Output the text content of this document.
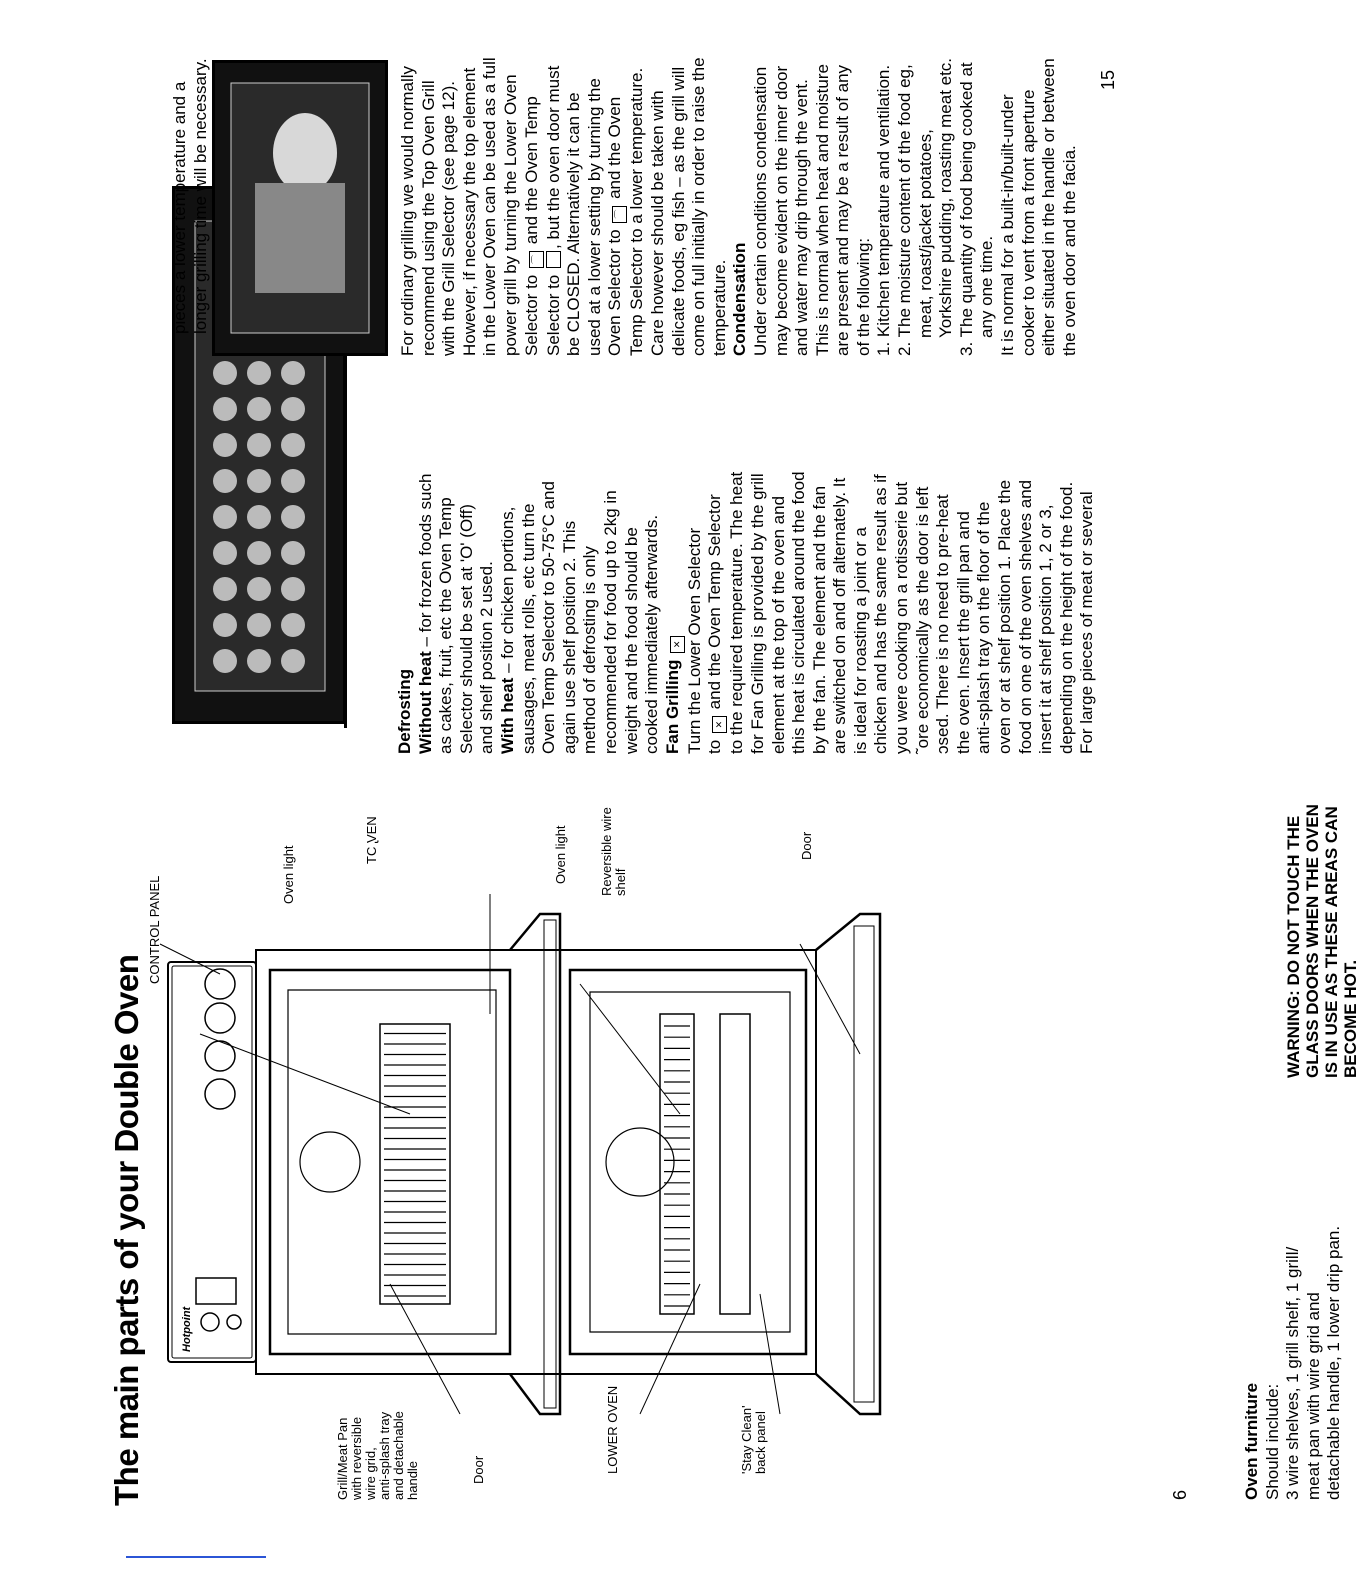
The main parts of your Double Oven	Hotpoint
CONTROL PANEL
Oven light
TC ̢VEN
Grill/Meat Pan with reversible wire grid, anti-splash tray and detachable handle	Door
Oven light Reversible wire shelf
LOWER OVEN	'Stay Clean' back panel
Door

Oven furniture Should include: 3 wire shelves, 1 grill shelf, 1 grill/ meat pan with wire grid and detachable handle, 1 lower drip pan.

WARNING: DO NOT TOUCH THE GLASS DOORS WHEN THE OVEN IS IN USE AS THESE AREAS CAN BECOME HOT.
6

Defrosting Without heat – for frozen foods such as cakes, fruit, etc the Oven Temp Selector should be set at 'O' (Off) and shelf position 2 used. With heat – for chicken portions, sausages, meat rolls, etc turn the Oven Temp Selector to 50-75°C and again use shelf position 2. This method of defrosting is only recommended for food up to 2kg in weight and the food should be cooked immediately afterwards. Fan Grilling ✕ Turn the Lower Oven Selector to ✕ and the Oven Temp Selector to the required temperature. The heat for Fan Grilling is provided by the grill element at the top of the oven and this heat is circulated around the food by the fan. The element and the fan are switched on and off alternately. It is ideal for roasting a joint or a chicken and has the same result as if you were cooking on a rotisserie but ˜ore economically as the door is left ɔsed. There is no need to pre-heat the oven. Insert the grill pan and anti-splash tray on the floor of the oven or at shelf position 1. Place the food on one of the oven shelves and insert it at shelf position 1, 2 or 3, depending on the height of the food. For large pieces of meat or several

pieces a lower temperature and a longer grilling time will be necessary.	For ordinary grilling we would normally recommend using the Top Oven Grill with the Grill Selector (see page 12). However, if necessary the top element in the Lower Oven can be used as a full power grill by turning the Lower Oven Selector to ⌒ and the Oven Temp

Selector to , but the oven door must be CLOSED. Alternatively it can be used at a lower setting by turning the Oven Selector to ⌒ and the Oven Temp Selector to a lower temperature. Care however should be taken with delicate foods, eg fish – as the grill will come on full initially in order to raise the temperature. Condensation Under certain conditions condensation may become evident on the inner door and water may drip through the vent. This is normal when heat and moisture are present and may be a result of any of the following: 1. Kitchen temperature and ventilation.

2. The moisture content of the food eg, meat, roast/jacket potatoes, Yorkshire pudding, roasting meat etc.

3. The quantity of food being cooked at any one time. It is normal for a built-in/built-under cooker to vent from a front aperture either situated in the handle or between the oven door and the facia.

15
